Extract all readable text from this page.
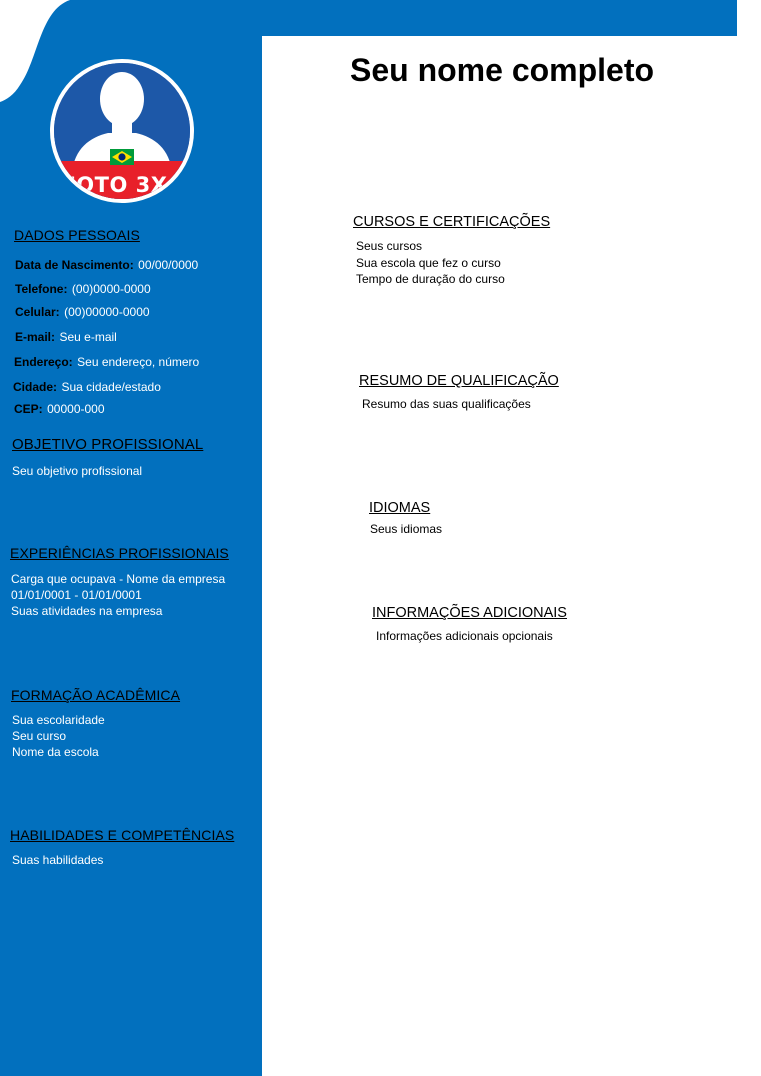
FOTO 3X4
Seu nome completo
DADOS PESSOAIS
Data de Nascimento: 00/00/0000
Telefone: (00)0000-0000
Celular: (00)00000-0000
E-mail: Seu e-mail
Endereço: Seu endereço, número
Cidade: Sua cidade/estado
CEP: 00000-000
OBJETIVO PROFISSIONAL
Seu objetivo profissional
EXPERIÊNCIAS PROFISSIONAIS
Carga que ocupava - Nome da empresa
01/01/0001 - 01/01/0001
Suas atividades na empresa
FORMAÇÃO ACADÊMICA
Sua escolaridade
Seu curso
Nome da escola
HABILIDADES E COMPETÊNCIAS
Suas habilidades
CURSOS E CERTIFICAÇÕES
Seus cursos
Sua escola que fez o curso
Tempo de duração do curso
RESUMO DE QUALIFICAÇÃO
Resumo das suas qualificações
IDIOMAS
Seus idiomas
INFORMAÇÕES ADICIONAIS
Informações adicionais opcionais
